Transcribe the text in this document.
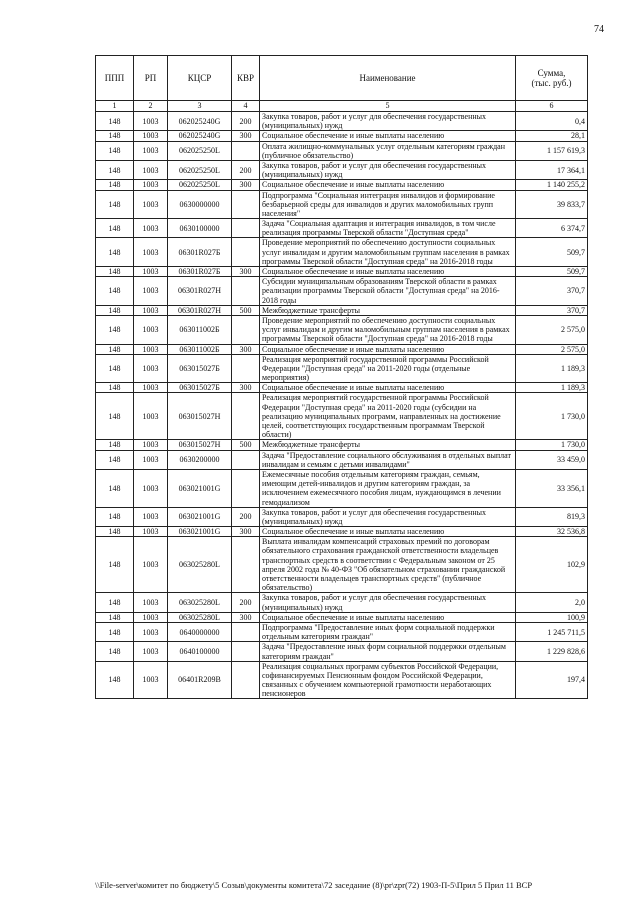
74
ППП	РП	КЦСР	КВР	Наименование	Сумма,
(тыс. руб.)
1	2	3	4	5	6
148	1003	062025240G	200	Закупка товаров, работ и услуг для обеспечения государственных (муниципальных) нужд	0,4
148	1003	062025240G	300	Социальное обеспечение и иные выплаты населению	28,1
148	1003	062025250L		Оплата жилищно-коммунальных услуг отдельным категориям граждан (публичное обязательство)	1 157 619,3
148	1003	062025250L	200	Закупка товаров, работ и услуг для обеспечения государственных (муниципальных) нужд	17 364,1
148	1003	062025250L	300	Социальное обеспечение и иные выплаты населению	1 140 255,2
148	1003	0630000000		Подпрограмма "Социальная интеграция инвалидов и формирование безбарьерной среды для инвалидов и других маломобильных групп населения"	39 833,7
148	1003	0630100000		Задача "Социальная адаптация и интеграция инвалидов, в том числе реализация программы Тверской области "Доступная среда"	6 374,7
148	1003	06301R027Б		Проведение мероприятий по обеспечению доступности социальных услуг инвалидам и другим маломобильным группам населения в рамках программы Тверской области "Доступная среда" на 2016-2018 годы	509,7
148	1003	06301R027Б	300	Социальное обеспечение и иные выплаты населению	509,7
148	1003	06301R027H		Субсидии муниципальным образованиям Тверской области в рамках реализации программы Тверской области "Доступная среда" на 2016-2018 годы	370,7
148	1003	06301R027H	500	Межбюджетные трансферты	370,7
148	1003	063011002Б		Проведение мероприятий по обеспечению доступности социальных услуг инвалидам и другим маломобильным группам населения в рамках программы Тверской области "Доступная среда" на 2016-2018 годы	2 575,0
148	1003	063011002Б	300	Социальное обеспечение и иные выплаты населению	2 575,0
148	1003	063015027Б		Реализация мероприятий государственной программы Российской Федерации "Доступная среда" на 2011-2020 годы (отдельные мероприятия)	1 189,3
148	1003	063015027Б	300	Социальное обеспечение и иные выплаты населению	1 189,3
148	1003	063015027H		Реализация мероприятий государственной программы Российской Федерации "Доступная среда" на 2011-2020 годы (субсидии на реализацию муниципальных программ, направленных на достижение целей, соответствующих государственным программам Тверской области)	1 730,0
148	1003	063015027H	500	Межбюджетные трансферты	1 730,0
148	1003	0630200000		Задача "Предоставление социального обслуживания в отдельных выплат инвалидам и семьям с детьми инвалидами"	33 459,0
148	1003	063021001G		Ежемесячные пособия отдельным категориям граждан, семьям, имеющим детей-инвалидов и другим категориям граждан, за исключением ежемесячного пособия лицам, нуждающимся в лечении гемодиализом	33 356,1
148	1003	063021001G	200	Закупка товаров, работ и услуг для обеспечения государственных (муниципальных) нужд	819,3
148	1003	063021001G	300	Социальное обеспечение и иные выплаты населению	32 536,8
148	1003	063025280L		Выплата инвалидам компенсаций страховых премий по договорам обязательного страхования гражданской ответственности владельцев транспортных средств в соответствии с Федеральным законом от 25 апреля 2002 года № 40-ФЗ "Об обязательном страховании гражданской ответственности владельцев транспортных средств" (публичное обязательство)	102,9
148	1003	063025280L	200	Закупка товаров, работ и услуг для обеспечения государственных (муниципальных) нужд	2,0
148	1003	063025280L	300	Социальное обеспечение и иные выплаты населению	100,9
148	1003	0640000000		Подпрограмма "Предоставление иных форм социальной поддержки отдельным категориям граждан"	1 245 711,5
148	1003	0640100000		Задача "Предоставление иных форм социальной поддержки отдельным категориям граждан"	1 229 828,6
148	1003	06401R209B		Реализация социальных программ субъектов Российской Федерации, софинансируемых Пенсионным фондом Российской Федерации, связанных с обучением компьютерной грамотности неработающих пенсионеров	197,4
\\File-server\комитет по бюджету\5 Созыв\документы комитета\72 заседание (8)\pr\zpr(72) 1903-П-5\Прил 5 Прил 11 ВСР
